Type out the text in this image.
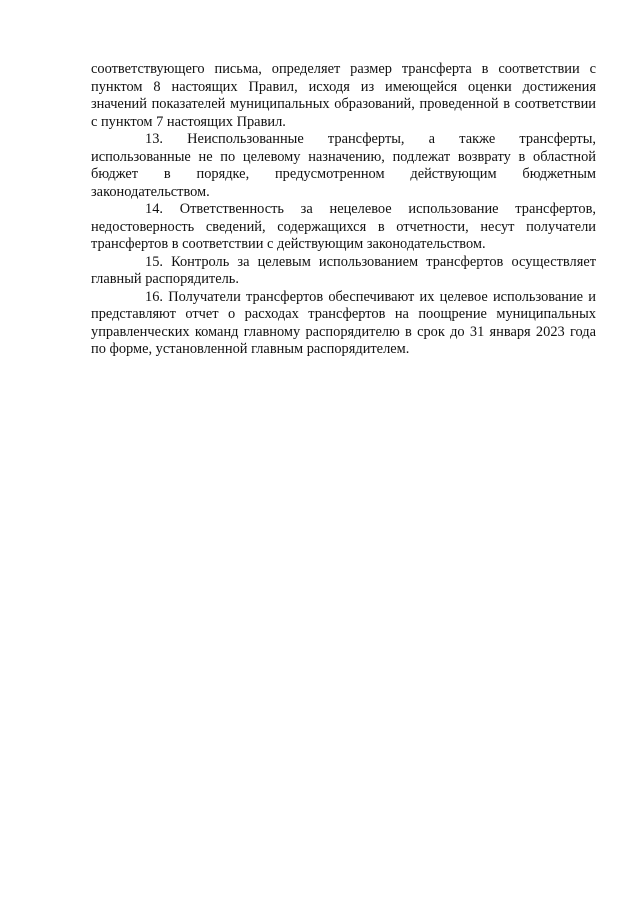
соответствующего письма, определяет размер трансферта в соответствии с пунктом 8 настоящих Правил, исходя из имеющейся оценки достижения значений показателей муниципальных образований, проведенной в соответствии с пунктом 7 настоящих Правил.

13. Неиспользованные трансферты, а также трансферты, использованные не по целевому назначению, подлежат возврату в областной бюджет в порядке, предусмотренном действующим бюджетным законодательством.

14. Ответственность за нецелевое использование трансфертов, недостоверность сведений, содержащихся в отчетности, несут получатели трансфертов в соответствии с действующим законодательством.

15. Контроль за целевым использованием трансфертов осуществляет главный распорядитель.

16. Получатели трансфертов обеспечивают их целевое использование и представляют отчет о расходах трансфертов на поощрение муниципальных управленческих команд главному распорядителю в срок до 31 января 2023 года по форме, установленной главным распорядителем.
